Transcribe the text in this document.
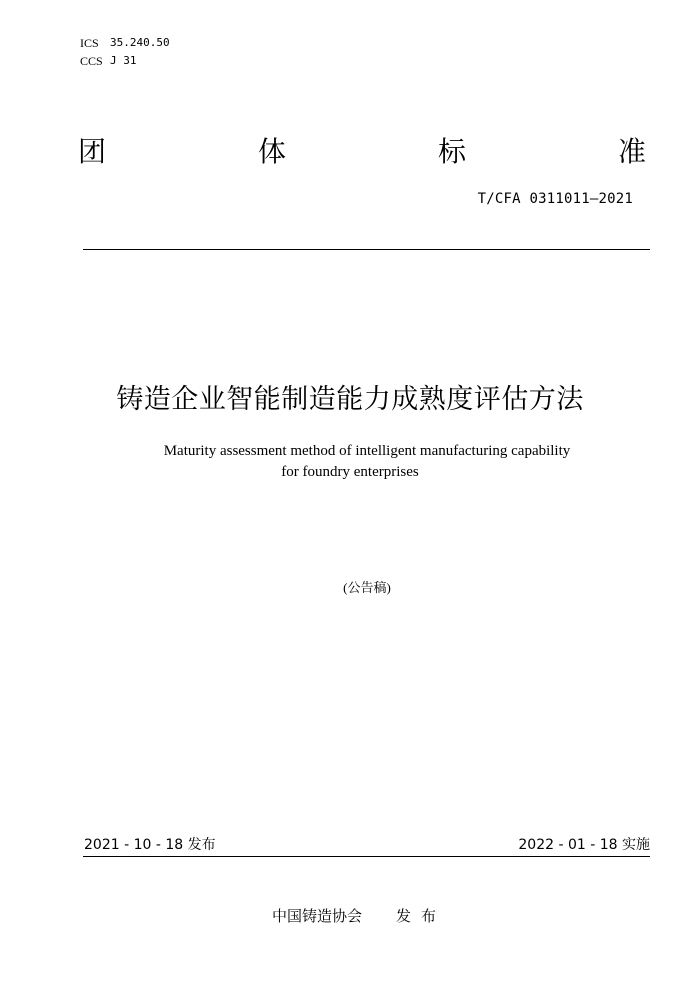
ICS	35.240.50
CCS J 31
团	体	标	准
T/CFA 0311011—2021
铸造企业智能制造能力成熟度评估方法
Maturity assessment method of intelligent manufacturing capability
for foundry enterprises
(公告稿)
2021 - 10 - 18 发布	2022 - 01 - 18 实施
中国铸造协会 发布
